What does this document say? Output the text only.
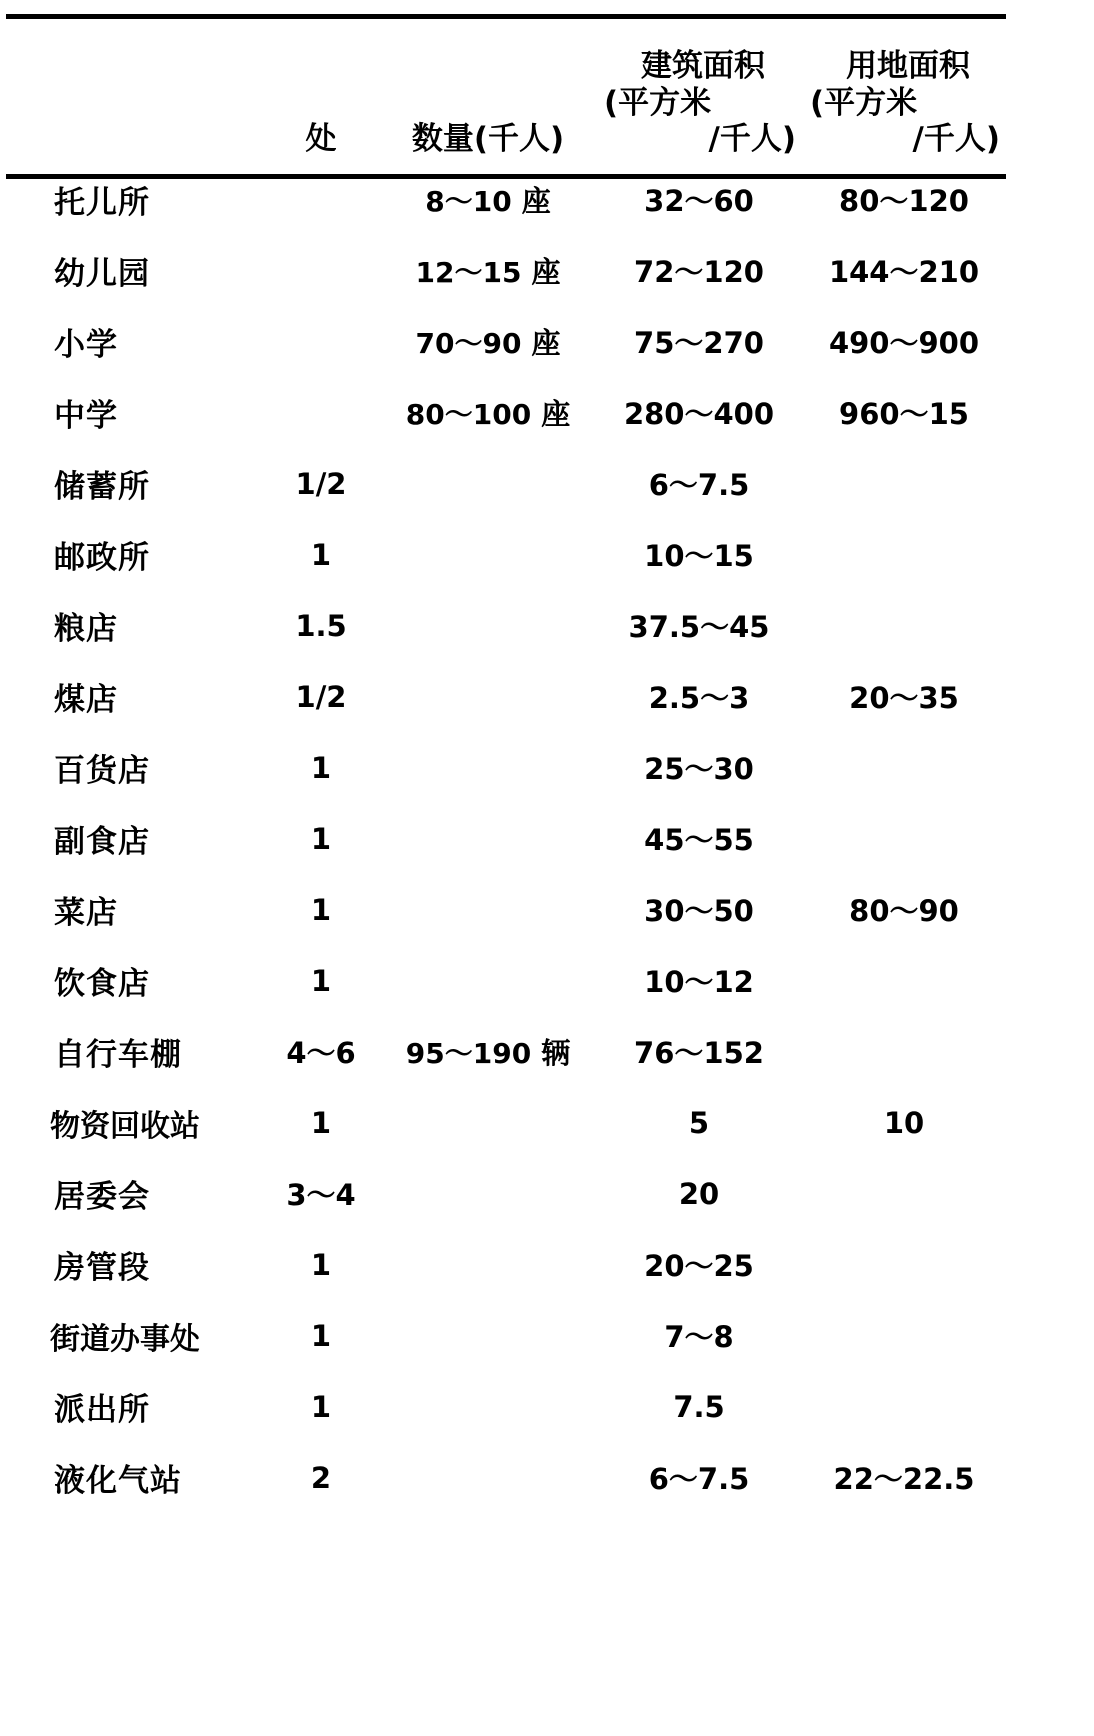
	处	数量(千人)	建筑面积
(平方米
/千人)	用地面积
(平方米
/千人)

托儿所		8～10 座	32～60	80～120
幼儿园		12～15 座	72～120	144～210
小学		70～90 座	75～270	490～900
中学		80～100 座	280～400	960～15
储蓄所	1/2		6～7.5	
邮政所	1		10～15	
粮店	1.5		37.5～45	
煤店	1/2		2.5～3	20～35
百货店	1		25～30	
副食店	1		45～55	
菜店	1		30～50	80～90
饮食店	1		10～12	
自行车棚	4～6	95～190 辆	76～152	
物资回收站	1		5	10
居委会	3～4		20	
房管段	1		20～25	
街道办事处	1		7～8	
派出所	1		7.5	
液化气站	2		6～7.5	22～22.5
